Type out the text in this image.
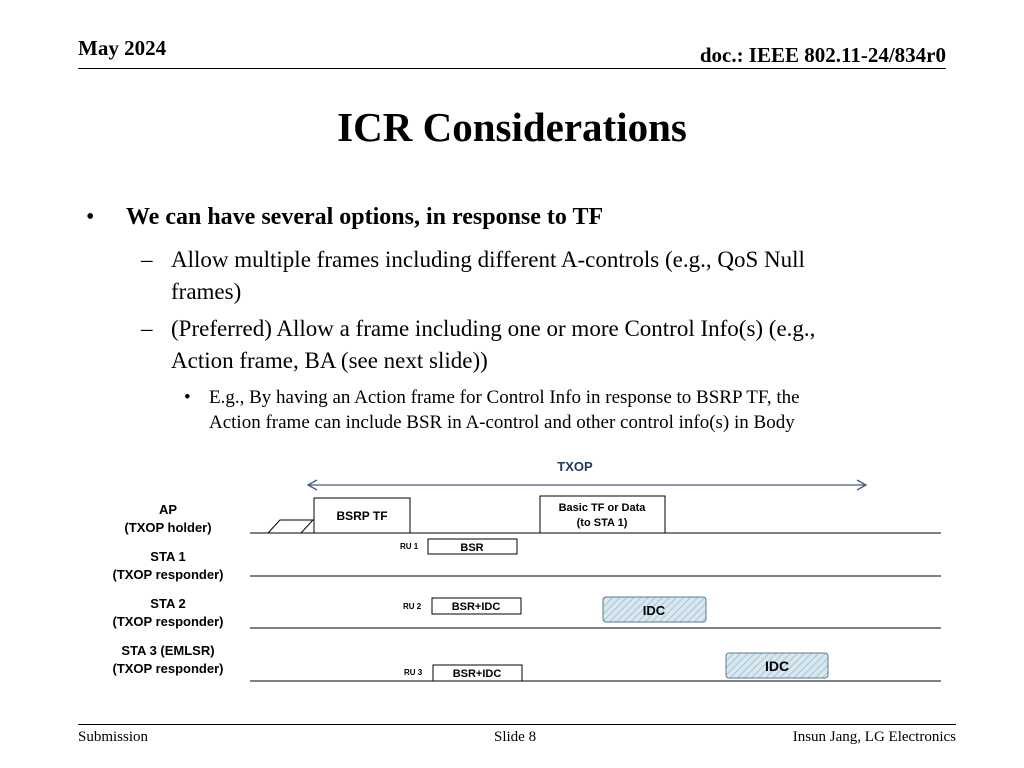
May 2024	doc.: IEEE 802.11-24/834r0
ICR Considerations
• We can have several options, in response to TF
– Allow multiple frames including different A-controls (e.g., QoS Null frames)
– (Preferred) Allow a frame including one or more Control Info(s) (e.g., Action frame, BA (see next slide))
• E.g., By having an Action frame for Control Info in response to BSRP TF, the Action frame can include BSR in A-control and other control info(s) in Body
TXOP
AP
(TXOP holder)
STA 1
(TXOP responder)
STA 2
(TXOP responder)
STA 3 (EMLSR)
(TXOP responder)
BSRP TF
Basic TF or Data
(to STA 1)
RU 1
RU 2
RU 3
BSR
BSR+IDC
BSR+IDC
IDC
IDC
Submission	Slide 8	Insun Jang, LG Electronics
